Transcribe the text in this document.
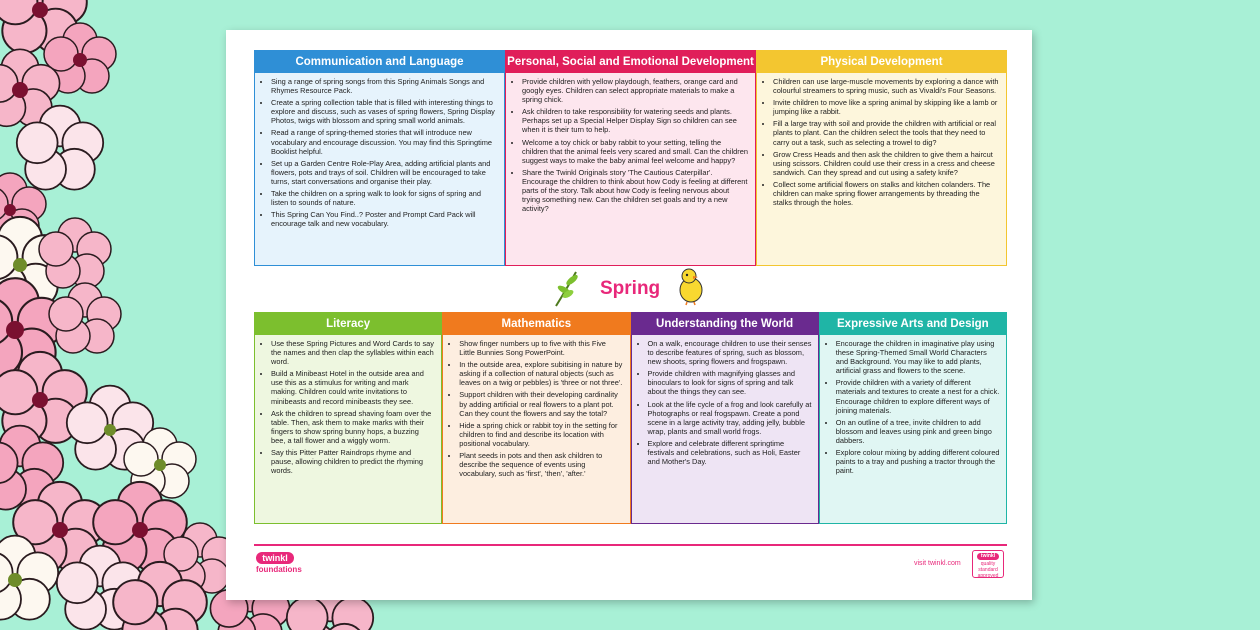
Communication and Language
• Sing a range of spring songs from this Spring Animals Songs and Rhymes Resource Pack.
• Create a spring collection table that is filled with interesting things to explore and discuss, such as vases of spring flowers, Spring Display Photos, twigs with blossom and spring small world animals.
• Read a range of spring-themed stories that will introduce new vocabulary and encourage discussion. You may find this Springtime Booklist helpful.
• Set up a Garden Centre Role-Play Area, adding artificial plants and flowers, pots and trays of soil. Children will be encouraged to take turns, start conversations and organise their play.
• Take the children on a spring walk to look for signs of spring and listen to sounds of nature.
• This Spring Can You Find..? Poster and Prompt Card Pack will encourage talk and new vocabulary.
Personal, Social and Emotional Development
• Provide children with yellow playdough, feathers, orange card and googly eyes. Children can select appropriate materials to make a spring chick.
• Ask children to take responsibility for watering seeds and plants. Perhaps set up a Special Helper Display Sign so children can see when it is their turn to help.
• Welcome a toy chick or baby rabbit to your setting, telling the children that the animal feels very scared and small. Can the children suggest ways to make the baby animal feel welcome and happy?
• Share the Twinkl Originals story 'The Cautious Caterpillar'. Encourage the children to think about how Cody is feeling at different parts of the story. Talk about how Cody is feeling nervous about trying something new. Can the children set goals and try a new activity?
Physical Development
• Children can use large-muscle movements by exploring a dance with colourful streamers to spring music, such as Vivaldi's Four Seasons.
• Invite children to move like a spring animal by skipping like a lamb or jumping like a rabbit.
• Fill a large tray with soil and provide the children with artificial or real plants to plant. Can the children select the tools that they need to carry out a task, such as selecting a trowel to dig?
• Grow Cress Heads and then ask the children to give them a haircut using scissors. Children could use their cress in a cress and cheese sandwich. Can they spread and cut using a safety knife?
• Collect some artificial flowers on stalks and kitchen colanders. The children can make spring flower arrangements by threading the stalks through the holes.
Spring
Literacy
• Use these Spring Pictures and Word Cards to say the names and then clap the syllables within each word.
• Build a Minibeast Hotel in the outside area and use this as a stimulus for writing and mark making. Children could write invitations to minibeasts and record minibeasts they see.
• Ask the children to spread shaving foam over the table. Then, ask them to make marks with their fingers to show spring bunny hops, a buzzing bee, a tall flower and a wiggly worm.
• Say this Pitter Patter Raindrops rhyme and pause, allowing children to predict the rhyming words.
Mathematics
• Show finger numbers up to five with this Five Little Bunnies Song PowerPoint.
• In the outside area, explore subitising in nature by asking if a collection of natural objects (such as leaves on a twig or pebbles) is 'three or not three'.
• Support children with their developing cardinality by adding artificial or real flowers to a plant pot. Can they count the flowers and say the total?
• Hide a spring chick or rabbit toy in the setting for children to find and describe its location with positional vocabulary.
• Plant seeds in pots and then ask children to describe the sequence of events using vocabulary, such as 'first', 'then', 'after.'
Understanding the World
• On a walk, encourage children to use their senses to describe features of spring, such as blossom, new shoots, spring flowers and frogspawn.
• Provide children with magnifying glasses and binoculars to look for signs of spring and talk about the things they can see.
• Look at the life cycle of a frog and look carefully at Photographs or real frogspawn. Create a pond scene in a large activity tray, adding jelly, bubble wrap, plants and small world frogs.
• Explore and celebrate different springtime festivals and celebrations, such as Holi, Easter and Mother's Day.
Expressive Arts and Design
• Encourage the children in imaginative play using these Spring-Themed Small World Characters and Background. You may like to add plants, artificial grass and flowers to the scene.
• Provide children with a variety of different materials and textures to create a nest for a chick. Encourage children to explore different ways of joining materials.
• On an outline of a tree, invite children to add blossom and leaves using pink and green bingo dabbers.
• Explore colour mixing by adding different coloured paints to a tray and pushing a tractor through the paint.
twinkl
foundations
visit twinkl.com
twinkl
quality standard approved
